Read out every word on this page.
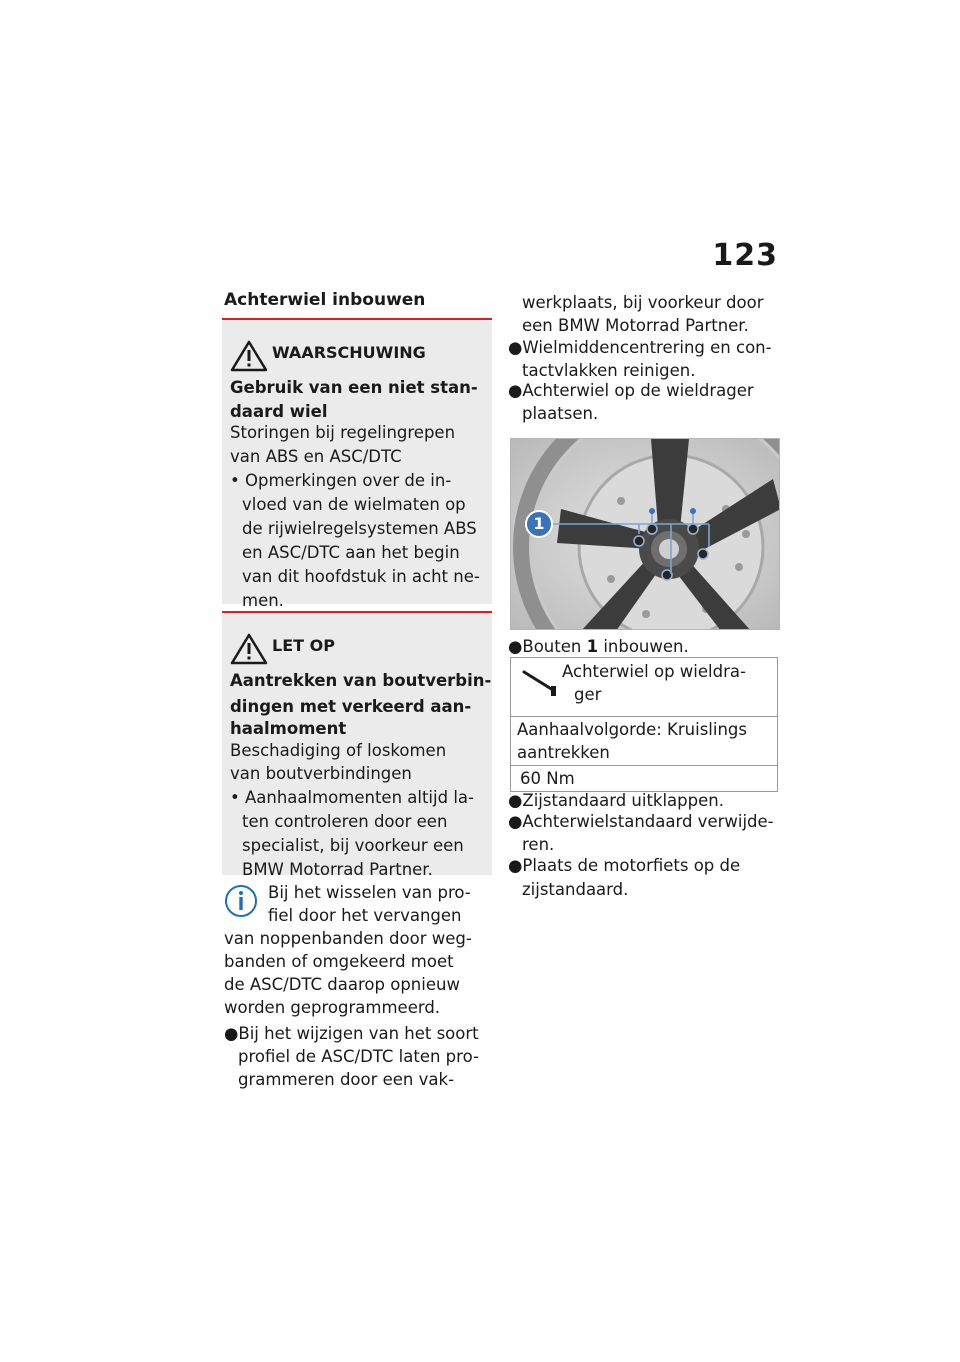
123
Achterwiel inbouwen
WAARSCHUWING
Gebruik van een niet stan-
daard wiel
Storingen bij regelingrepen
van ABS en ASC/DTC
• Opmerkingen over de in-
vloed van de wielmaten op
de rijwielregelsystemen ABS
en ASC/DTC aan het begin
van dit hoofdstuk in acht ne-
men.
LET OP
Aantrekken van boutverbin-
dingen met verkeerd aan-
haalmoment
Beschadiging of loskomen
van boutverbindingen
• Aanhaalmomenten altijd la-
ten controleren door een
specialist, bij voorkeur een
BMW Motorrad Partner.
Bij het wisselen van pro-
fiel door het vervangen
van noppenbanden door weg-
banden of omgekeerd moet
de ASC/DTC daarop opnieuw
worden geprogrammeerd.
●Bij het wijzigen van het soort
profiel de ASC/DTC laten pro-
grammeren door een vak-
werkplaats, bij voorkeur door
een BMW Motorrad Partner.
●Wielmiddencentrering en con-
tactvlakken reinigen.
●Achterwiel op de wieldrager
plaatsen.
1
●Bouten 1 inbouwen.
Achterwiel op wieldra-
ger
Aanhaalvolgorde: Kruislings
aantrekken
60 Nm
●Zijstandaard uitklappen.
●Achterwielstandaard verwijde-
ren.
●Plaats de motorfiets op de
zijstandaard.
